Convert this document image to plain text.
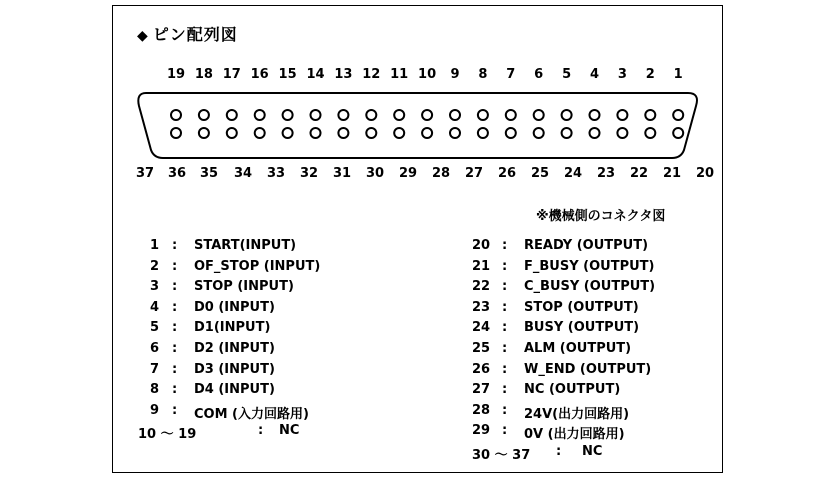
◆ ピン配列図
19 18 17 16 15 14 13 12 11 10 9 8 7 6 5 4 3 2 1
37 36 35 34 33 32 31 30 29 28 27 26 25 24 23 22 21 20
※機械側のコネクタ図
1 : START(INPUT)
2 : OF_STOP (INPUT)
3 : STOP (INPUT)
4 : D0 (INPUT)
5 : D1(INPUT)
6 : D2 (INPUT)
7 : D3 (INPUT)
8 : D4 (INPUT)
9 : COM (入力回路用)
10 ～ 19	: NC
20 : READY (OUTPUT)
21 : F_BUSY (OUTPUT)
22 : C_BUSY (OUTPUT)
23 : STOP (OUTPUT)
24 : BUSY (OUTPUT)
25 : ALM (OUTPUT)
26 : W_END (OUTPUT)
27 : NC (OUTPUT)
28 : 24V(出力回路用)
29 : 0V (出力回路用)
30 ～ 37 : NC
